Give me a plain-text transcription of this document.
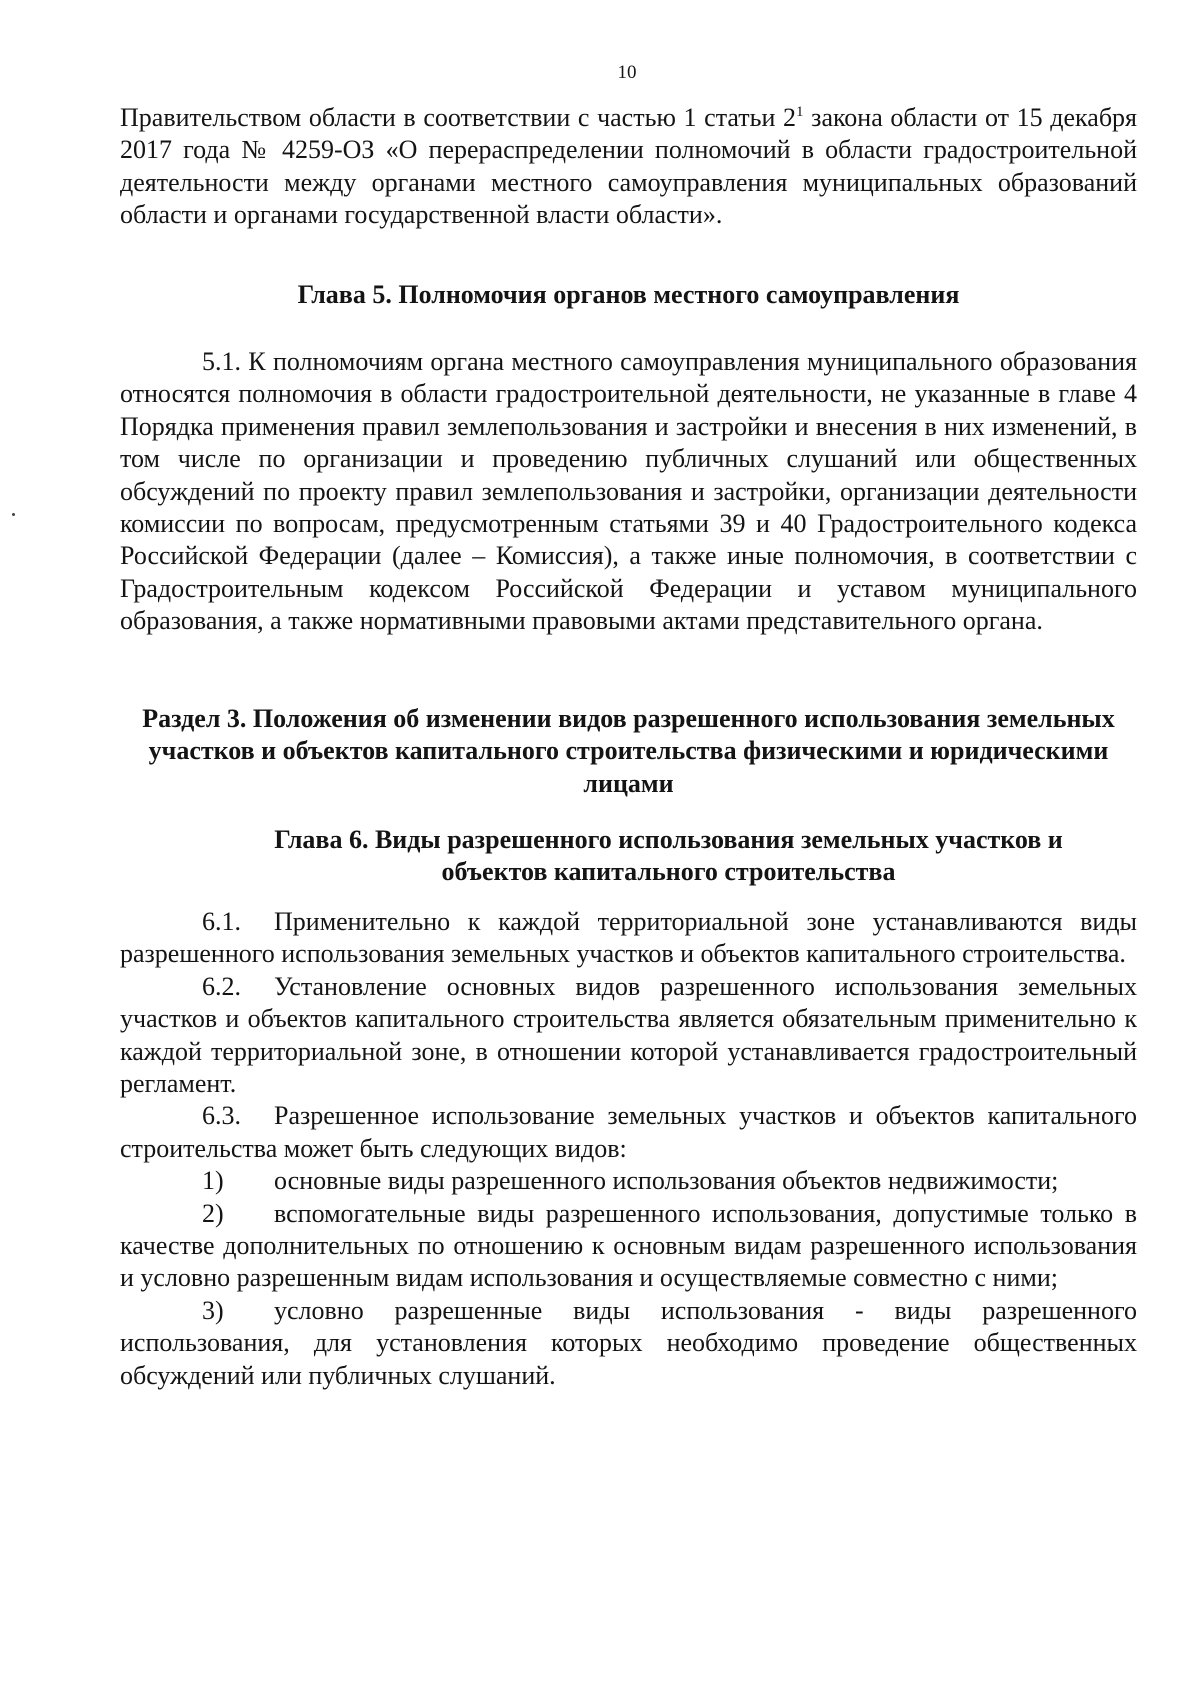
10
Правительством области в соответствии с частью 1 статьи $2^1$ закона области от 15 декабря 2017 года № 4259-ОЗ «О перераспределении полномочий в области градостроительной деятельности между органами местного самоуправления муниципальных образований области и органами государственной власти области».
Глава 5. Полномочия органов местного самоуправления
5.1. К полномочиям органа местного самоуправления муниципального образования относятся полномочия в области градостроительной деятельности, не указанные в главе 4 Порядка применения правил землепользования и застройки и внесения в них изменений, в том числе по организации и проведению публичных слушаний или общественных обсуждений по проекту правил землепользования и застройки, организации деятельности комиссии по вопросам, предусмотренным статьями 39 и 40 Градостроительного кодекса Российской Федерации (далее – Комиссия), а также иные полномочия, в соответствии с Градостроительным кодексом Российской Федерации и уставом муниципального образования, а также нормативными правовыми актами представительного органа.
Раздел 3. Положения об изменении видов разрешенного использования земельных участков и объектов капитального строительства физическими и юридическими лицами
Глава 6. Виды разрешенного использования земельных участков и
объектов капитального строительства
6.1. Применительно к каждой территориальной зоне устанавливаются виды разрешенного использования земельных участков и объектов капитального строительства.
6.2. Установление основных видов разрешенного использования земельных участков и объектов капитального строительства является обязательным применительно к каждой территориальной зоне, в отношении которой устанавливается градостроительный регламент.
6.3. Разрешенное использование земельных участков и объектов капитального строительства может быть следующих видов:
1) основные виды разрешенного использования объектов недвижимости;
2) вспомогательные виды разрешенного использования, допустимые только в качестве дополнительных по отношению к основным видам разрешенного использования и условно разрешенным видам использования и осуществляемые совместно с ними;
3) условно разрешенные виды использования - виды разрешенного использования, для установления которых необходимо проведение общественных обсуждений или публичных слушаний.
